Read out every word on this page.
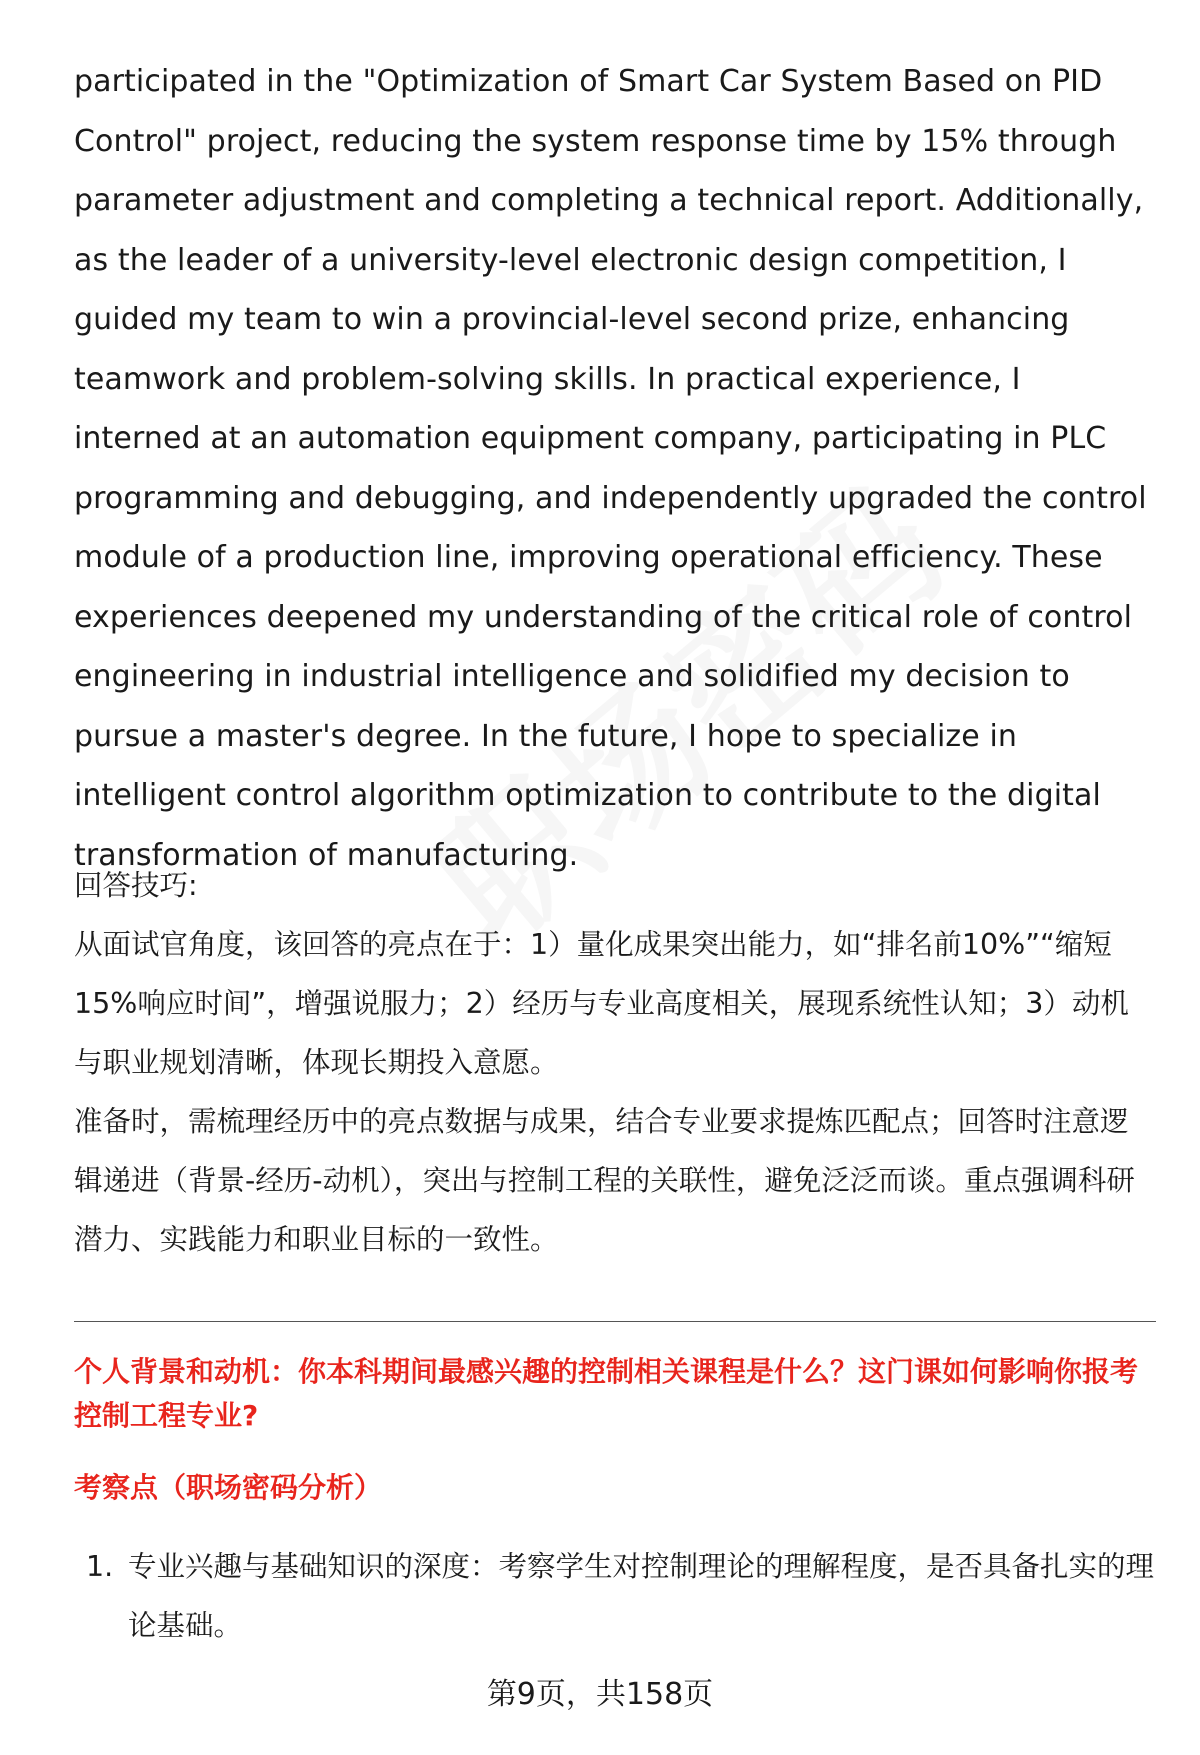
participated in the "Optimization of Smart Car System Based on PID Control" project, reducing the system response time by 15% through parameter adjustment and completing a technical report. Additionally, as the leader of a university-level electronic design competition, I guided my team to win a provincial-level second prize, enhancing teamwork and problem-solving skills. In practical experience, I interned at an automation equipment company, participating in PLC programming and debugging, and independently upgraded the control module of a production line, improving operational efficiency. These experiences deepened my understanding of the critical role of control engineering in industrial intelligence and solidified my decision to pursue a master's degree. In the future, I hope to specialize in intelligent control algorithm optimization to contribute to the digital transformation of manufacturing.

回答技巧:

从面试官角度，该回答的亮点在于：1）量化成果突出能力，如“排名前10%”“缩短15%响应时间”，增强说服力；2）经历与专业高度相关，展现系统性认知；3）动机与职业规划清晰，体现长期投入意愿。

准备时，需梳理经历中的亮点数据与成果，结合专业要求提炼匹配点；回答时注意逻辑递进（背景-经历-动机），突出与控制工程的关联性，避免泛泛而谈。重点强调科研潜力、实践能力和职业目标的一致性。

个人背景和动机：你本科期间最感兴趣的控制相关课程是什么？这门课如何影响你报考控制工程专业?

考察点（职场密码分析）

1. 专业兴趣与基础知识的深度：考察学生对控制理论的理解程度，是否具备扎实的理论基础。
第9页，共158页
